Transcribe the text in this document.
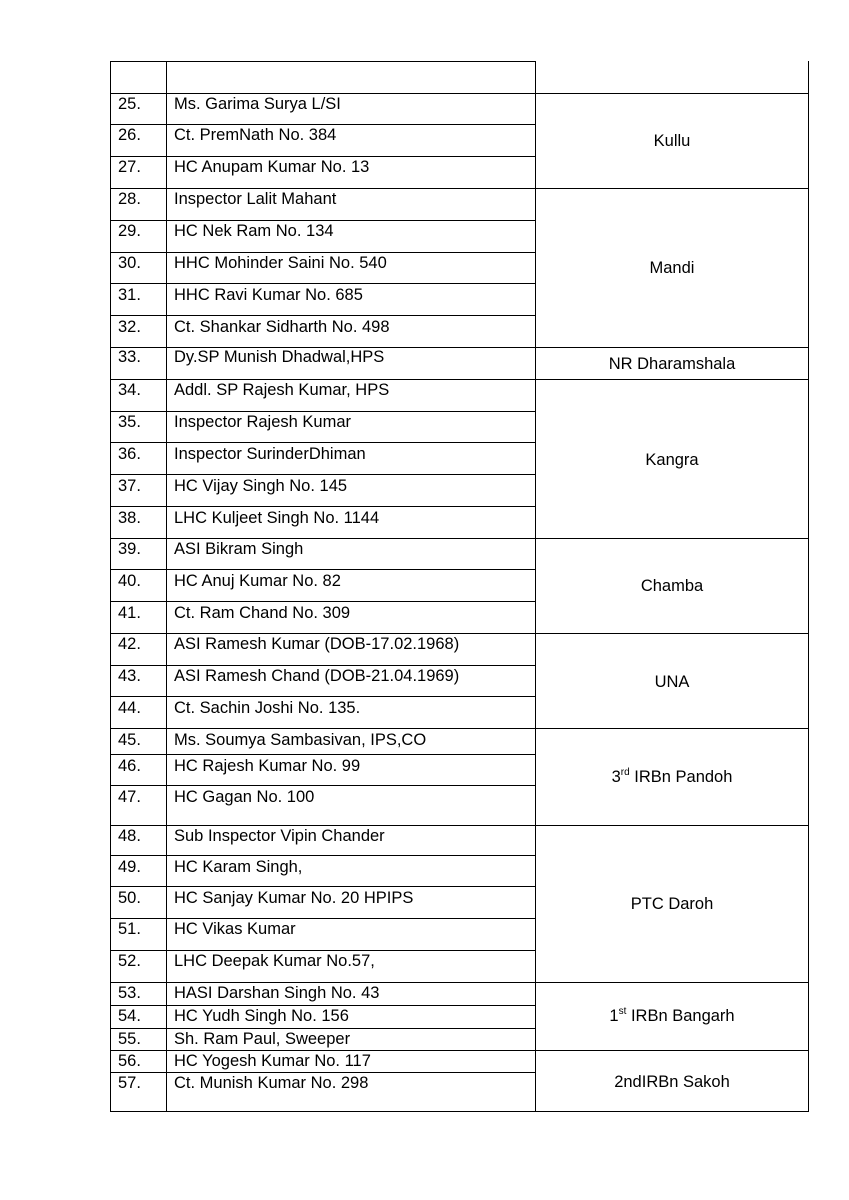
25. Ms. Garima Surya L/SI
26. Ct. PremNath No. 384
27. HC Anupam Kumar No. 13
28. Inspector Lalit Mahant
29. HC Nek Ram No. 134
30. HHC Mohinder Saini No. 540
31. HHC Ravi Kumar No. 685
32. Ct. Shankar Sidharth No. 498
33. Dy.SP Munish Dhadwal,HPS
34. Addl. SP Rajesh Kumar, HPS
35. Inspector Rajesh Kumar
36. Inspector SurinderDhiman
37. HC Vijay Singh No. 145
38. LHC Kuljeet Singh No. 1144
39. ASI Bikram Singh
40. HC Anuj Kumar No. 82
41. Ct. Ram Chand No. 309
42. ASI Ramesh Kumar (DOB-17.02.1968)
43. ASI Ramesh Chand (DOB-21.04.1969)
44. Ct. Sachin Joshi No. 135.
45. Ms. Soumya Sambasivan, IPS,CO
46. HC Rajesh Kumar No. 99
47. HC Gagan No. 100
48. Sub Inspector Vipin Chander
49. HC Karam Singh,
50. HC Sanjay Kumar No. 20 HPIPS
51. HC Vikas Kumar
52. LHC Deepak Kumar No.57,
53. HASI Darshan Singh No. 43
54. HC Yudh Singh No. 156
55. Sh. Ram Paul, Sweeper
56. HC Yogesh Kumar No. 117
57. Ct. Munish Kumar No. 298
Kullu
Mandi
NR Dharamshala
Kangra
Chamba
UNA
3rd IRBn Pandoh
PTC Daroh
1st IRBn Bangarh
2ndIRBn Sakoh
